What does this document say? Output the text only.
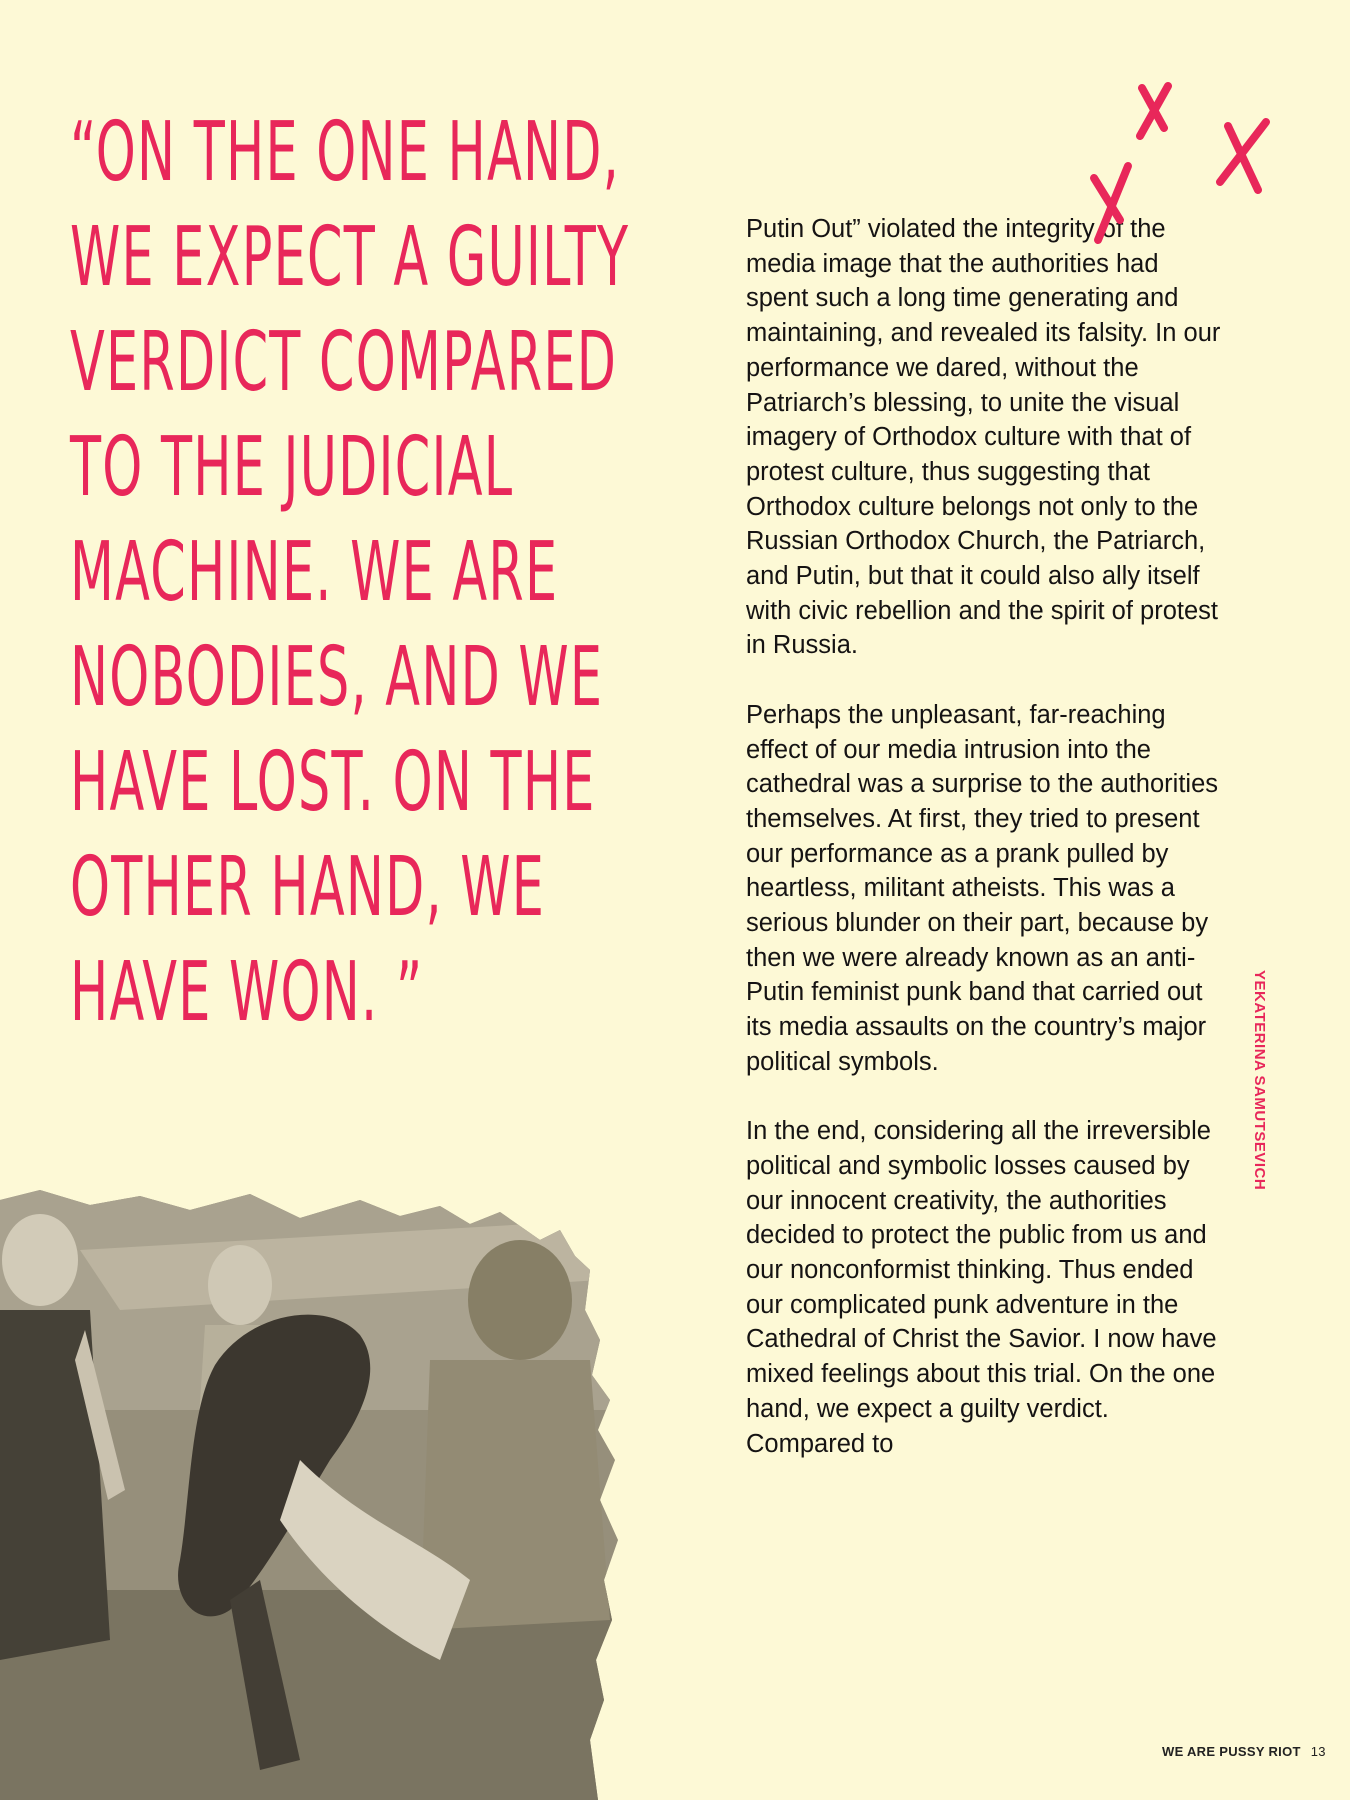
“ON THE ONE HAND,
WE EXPECT A GUILTY
VERDICT COMPARED
TO THE JUDICIAL
MACHINE. WE ARE
NOBODIES, AND WE
HAVE LOST. ON THE
OTHER HAND, WE
HAVE WON. ”

Putin Out” violated the integrity of the media image that the authorities had spent such a long time generating and maintaining, and revealed its falsity. In our performance we dared, without the Patriarch’s blessing, to unite the visual imagery of Orthodox culture with that of protest culture, thus suggesting that Orthodox culture belongs not only to the Russian Orthodox Church, the Patriarch, and Putin, but that it could also ally itself with civic rebellion and the spirit of protest in Russia.

Perhaps the unpleasant, far-reaching effect of our media intrusion into the cathedral was a surprise to the authorities themselves. At first, they tried to present our performance as a prank pulled by heartless, militant atheists. This was a serious blunder on their part, because by then we were already known as an anti-Putin feminist punk band that carried out its media assaults on the country’s major political symbols.

In the end, considering all the irreversible political and symbolic losses caused by our innocent creativity, the authorities decided to protect the public from us and our nonconformist thinking. Thus ended our complicated punk adventure in the Cathedral of Christ the Savior. I now have mixed feelings about this trial. On the one hand, we expect a guilty verdict. Compared to

YEKATERINA SAMUTSEVICH
WE ARE PUSSY RIOT 13
